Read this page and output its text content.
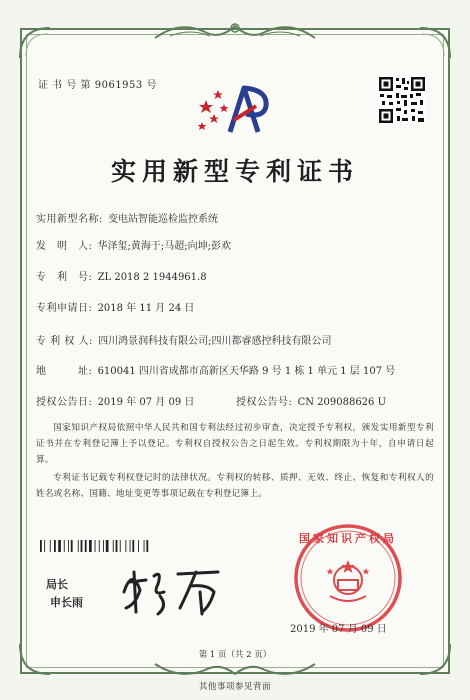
证 书 号 第 9061953 号
实用新型专利证书
实用新型名称: 变电站智能巡检监控系统
发　明　人: 华泽玺;黄海于;马超;向坤;彭欢
专　利　号: ZL 2018 2 1944961.8
专利申请日: 2018 年 11 月 24 日
专 利 权 人: 四川鸿景润科技有限公司;四川都睿感控科技有限公司
地　　　址: 610041 四川省成都市高新区天华路 9 号 1 栋 1 单元 1 层 107 号
授权公告日: 2019 年 07 月 09 日	授权公告号: CN 209088626 U
国家知识产权局依照中华人民共和国专利法经过初步审查，决定授予专利权，颁发实用新型专利证书并在专利登记簿上予以登记。专利权自授权公告之日起生效。专利权期限为十年，自申请日起算。
专利证书记载专利权登记时的法律状况。专利权的转移、质押、无效、终止、恢复和专利权人的姓名或名称、国籍、地址变更等事项记载在专利登记簿上。
局长
申长雨
国家知识产权局
2019 年 07 月 09 日
第 1 页（共 2 页）
其他事项参见背面
